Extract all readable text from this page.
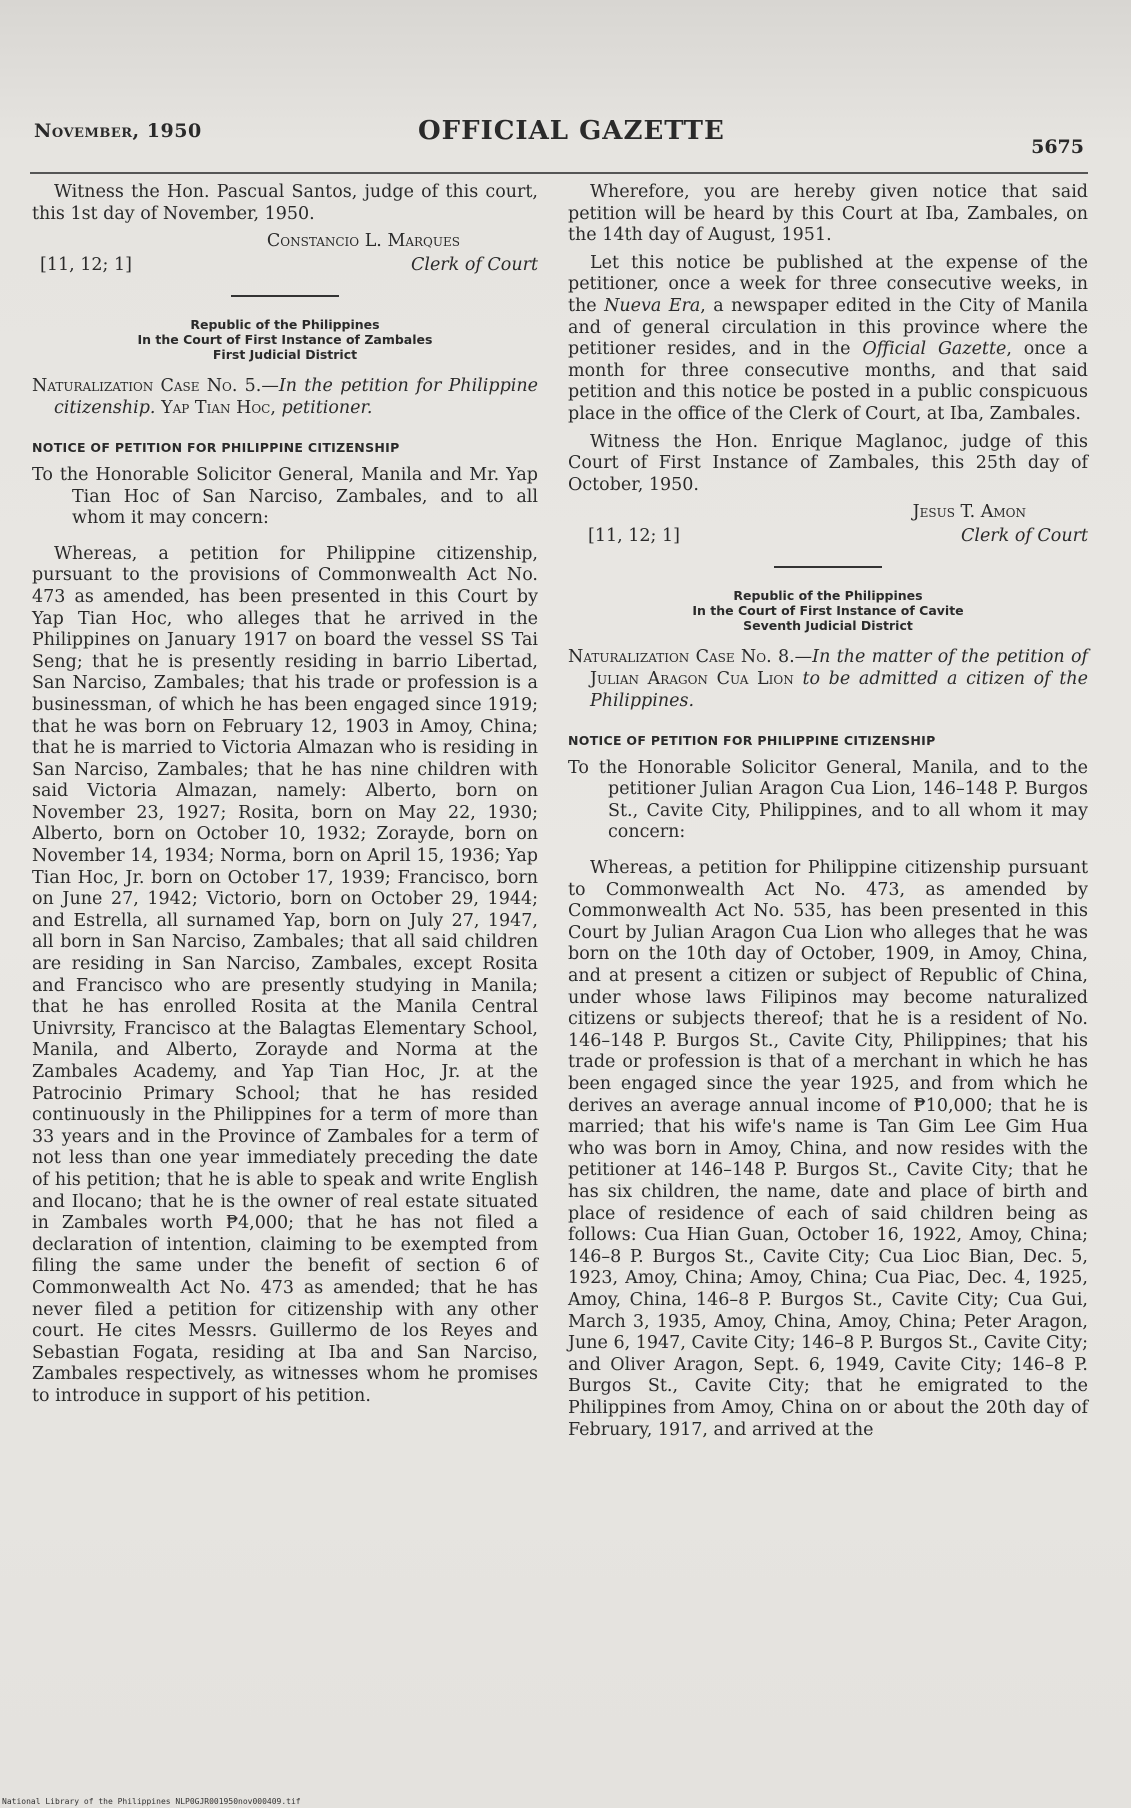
November, 1950	OFFICIAL GAZETTE
5675

Witness the Hon. Pascual Santos, judge of this court, this 1st day of November, 1950.

Constancio L. Marques
[11, 12; 1]	Clerk of Court
Republic of the Philippines
In the Court of First Instance of Zambales
First Judicial District

Naturalization Case No. 5.—In the petition for Philippine citizenship. Yap Tian Hoc, petitioner.

NOTICE OF PETITION FOR PHILIPPINE CITIZENSHIP

To the Honorable Solicitor General, Manila and Mr. Yap Tian Hoc of San Narciso, Zambales, and to all whom it may concern:

Whereas, a petition for Philippine citizenship, pursuant to the provisions of Commonwealth Act No. 473 as amended, has been presented in this Court by Yap Tian Hoc, who alleges that he arrived in the Philippines on January 1917 on board the vessel SS Tai Seng; that he is presently residing in barrio Libertad, San Narciso, Zambales; that his trade or profession is a businessman, of which he has been engaged since 1919; that he was born on February 12, 1903 in Amoy, China; that he is married to Victoria Almazan who is residing in San Narciso, Zambales; that he has nine children with said Victoria Almazan, namely: Alberto, born on November 23, 1927; Rosita, born on May 22, 1930; Alberto, born on October 10, 1932; Zorayde, born on November 14, 1934; Norma, born on April 15, 1936; Yap Tian Hoc, Jr. born on October 17, 1939; Francisco, born on June 27, 1942; Victorio, born on October 29, 1944; and Estrella, all surnamed Yap, born on July 27, 1947, all born in San Narciso, Zambales; that all said children are residing in San Narciso, Zambales, except Rosita and Francisco who are presently studying in Manila; that he has enrolled Rosita at the Manila Central Univrsity, Francisco at the Balagtas Elementary School, Manila, and Alberto, Zorayde and Norma at the Zambales Academy, and Yap Tian Hoc, Jr. at the Patrocinio Primary School; that he has resided continuously in the Philippines for a term of more than 33 years and in the Province of Zambales for a term of not less than one year immediately preceding the date of his petition; that he is able to speak and write English and Ilocano; that he is the owner of real estate situated in Zambales worth ₱4,000; that he has not filed a declaration of intention, claiming to be exempted from filing the same under the benefit of section 6 of Commonwealth Act No. 473 as amended; that he has never filed a petition for citizenship with any other court. He cites Messrs. Guillermo de los Reyes and Sebastian Fogata, residing at Iba and San Narciso, Zambales respectively, as witnesses whom he promises to introduce in support of his petition.

Wherefore, you are hereby given notice that said petition will be heard by this Court at Iba, Zambales, on the 14th day of August, 1951.

Let this notice be published at the expense of the petitioner, once a week for three consecutive weeks, in the Nueva Era, a newspaper edited in the City of Manila and of general circulation in this province where the petitioner resides, and in the Official Gazette, once a month for three consecutive months, and that said petition and this notice be posted in a public conspicuous place in the office of the Clerk of Court, at Iba, Zambales.

Witness the Hon. Enrique Maglanoc, judge of this Court of First Instance of Zambales, this 25th day of October, 1950.

Jesus T. Amon
[11, 12; 1]	Clerk of Court
Republic of the Philippines
In the Court of First Instance of Cavite
Seventh Judicial District

Naturalization Case No. 8.—In the matter of the petition of Julian Aragon Cua Lion to be admitted a citizen of the Philippines.

NOTICE OF PETITION FOR PHILIPPINE CITIZENSHIP

To the Honorable Solicitor General, Manila, and to the petitioner Julian Aragon Cua Lion, 146–148 P. Burgos St., Cavite City, Philippines, and to all whom it may concern:

Whereas, a petition for Philippine citizenship pursuant to Commonwealth Act No. 473, as amended by Commonwealth Act No. 535, has been presented in this Court by Julian Aragon Cua Lion who alleges that he was born on the 10th day of October, 1909, in Amoy, China, and at present a citizen or subject of Republic of China, under whose laws Filipinos may become naturalized citizens or subjects thereof; that he is a resident of No. 146–148 P. Burgos St., Cavite City, Philippines; that his trade or profession is that of a merchant in which he has been engaged since the year 1925, and from which he derives an average annual income of ₱10,000; that he is married; that his wife's name is Tan Gim Lee Gim Hua who was born in Amoy, China, and now resides with the petitioner at 146–148 P. Burgos St., Cavite City; that he has six children, the name, date and place of birth and place of residence of each of said children being as follows: Cua Hian Guan, October 16, 1922, Amoy, China; 146–8 P. Burgos St., Cavite City; Cua Lioc Bian, Dec. 5, 1923, Amoy, China; Amoy, China; Cua Piac, Dec. 4, 1925, Amoy, China, 146–8 P. Burgos St., Cavite City; Cua Gui, March 3, 1935, Amoy, China, Amoy, China; Peter Aragon, June 6, 1947, Cavite City; 146–8 P. Burgos St., Cavite City; and Oliver Aragon, Sept. 6, 1949, Cavite City; 146–8 P. Burgos St., Cavite City; that he emigrated to the Philippines from Amoy, China on or about the 20th day of February, 1917, and arrived at the

National Library of the Philippines NLP0GJR001950nov000409.tif
